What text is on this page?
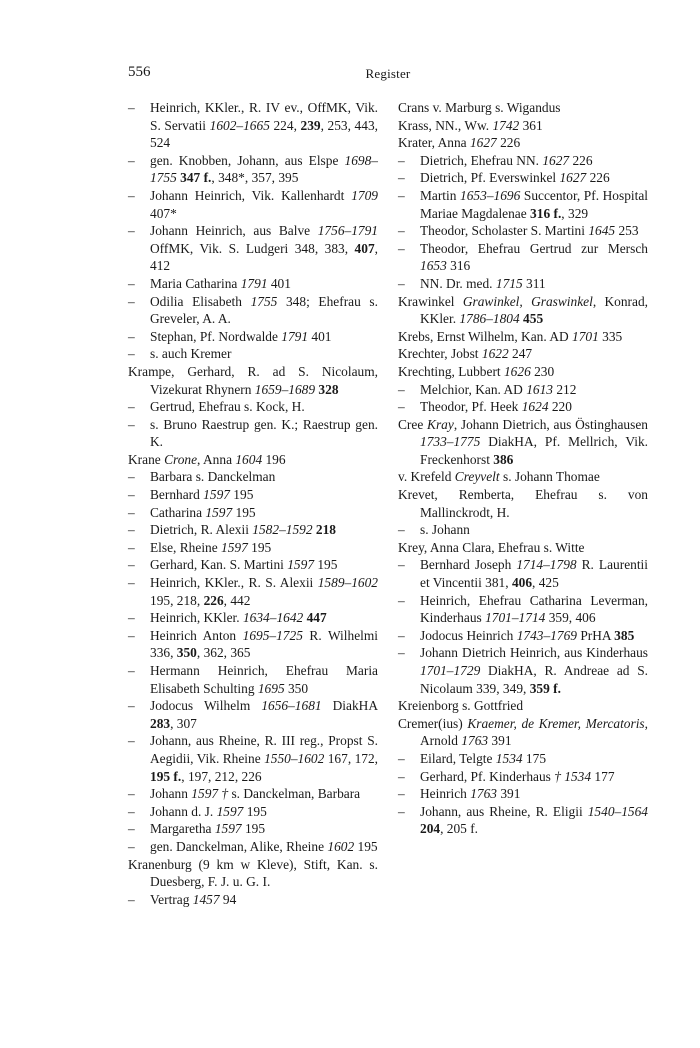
556	Register

– Heinrich, KKler., R. IV ev., OffMK, Vik. S. Servatii 1602–1665 224, 239, 253, 443, 524

– gen. Knobben, Johann, aus Elspe 1698–1755 347 f., 348*, 357, 395

– Johann Heinrich, Vik. Kallenhardt 1709 407*

– Johann Heinrich, aus Balve 1756–1791 OffMK, Vik. S. Ludgeri 348, 383, 407, 412

– Maria Catharina 1791 401

– Odilia Elisabeth 1755 348; Ehefrau s. Greveler, A. A.

– Stephan, Pf. Nordwalde 1791 401

– s. auch Kremer

Krampe, Gerhard, R. ad S. Nicolaum, Vizekurat Rhynern 1659–1689 328

– Gertrud, Ehefrau s. Kock, H.

– s. Bruno Raestrup gen. K.; Raestrup gen. K.

Krane Crone, Anna 1604 196

– Barbara s. Danckelman

– Bernhard 1597 195

– Catharina 1597 195

– Dietrich, R. Alexii 1582–1592 218

– Else, Rheine 1597 195

– Gerhard, Kan. S. Martini 1597 195

– Heinrich, KKler., R. S. Alexii 1589–1602 195, 218, 226, 442

– Heinrich, KKler. 1634–1642 447

– Heinrich Anton 1695–1725 R. Wilhelmi 336, 350, 362, 365

– Hermann Heinrich, Ehefrau Maria Elisabeth Schulting 1695 350

– Jodocus Wilhelm 1656–1681 DiakHA 283, 307

– Johann, aus Rheine, R. III reg., Propst S. Aegidii, Vik. Rheine 1550–1602 167, 172, 195 f., 197, 212, 226

– Johann 1597 † s. Danckelman, Barbara

– Johann d. J. 1597 195

– Margaretha 1597 195

– gen. Danckelman, Alike, Rheine 1602 195

Kranenburg (9 km w Kleve), Stift, Kan. s. Duesberg, F. J. u. G. I.

– Vertrag 1457 94

Crans v. Marburg s. Wigandus

Krass, NN., Ww. 1742 361

Krater, Anna 1627 226

– Dietrich, Ehefrau NN. 1627 226

– Dietrich, Pf. Everswinkel 1627 226

– Martin 1653–1696 Succentor, Pf. Hospital Mariae Magdalenae 316 f., 329

– Theodor, Scholaster S. Martini 1645 253

– Theodor, Ehefrau Gertrud zur Mersch 1653 316

– NN. Dr. med. 1715 311

Krawinkel Grawinkel, Graswinkel, Konrad, KKler. 1786–1804 455

Krebs, Ernst Wilhelm, Kan. AD 1701 335

Krechter, Jobst 1622 247

Krechting, Lubbert 1626 230

– Melchior, Kan. AD 1613 212

– Theodor, Pf. Heek 1624 220

Cree Kray, Johann Dietrich, aus Östinghausen 1733–1775 DiakHA, Pf. Mellrich, Vik. Freckenhorst 386

v. Krefeld Creyvelt s. Johann Thomae

Krevet, Remberta, Ehefrau s. von Mallinckrodt, H.

– s. Johann

Krey, Anna Clara, Ehefrau s. Witte

– Bernhard Joseph 1714–1798 R. Laurentii et Vincentii 381, 406, 425

– Heinrich, Ehefrau Catharina Leverman, Kinderhaus 1701–1714 359, 406

– Jodocus Heinrich 1743–1769 PrHA 385

– Johann Dietrich Heinrich, aus Kinderhaus 1701–1729 DiakHA, R. Andreae ad S. Nicolaum 339, 349, 359 f.

Kreienborg s. Gottfried

Cremer(ius) Kraemer, de Kremer, Mercatoris, Arnold 1763 391

– Eilard, Telgte 1534 175

– Gerhard, Pf. Kinderhaus † 1534 177

– Heinrich 1763 391

– Johann, aus Rheine, R. Eligii 1540–1564 204, 205 f.
